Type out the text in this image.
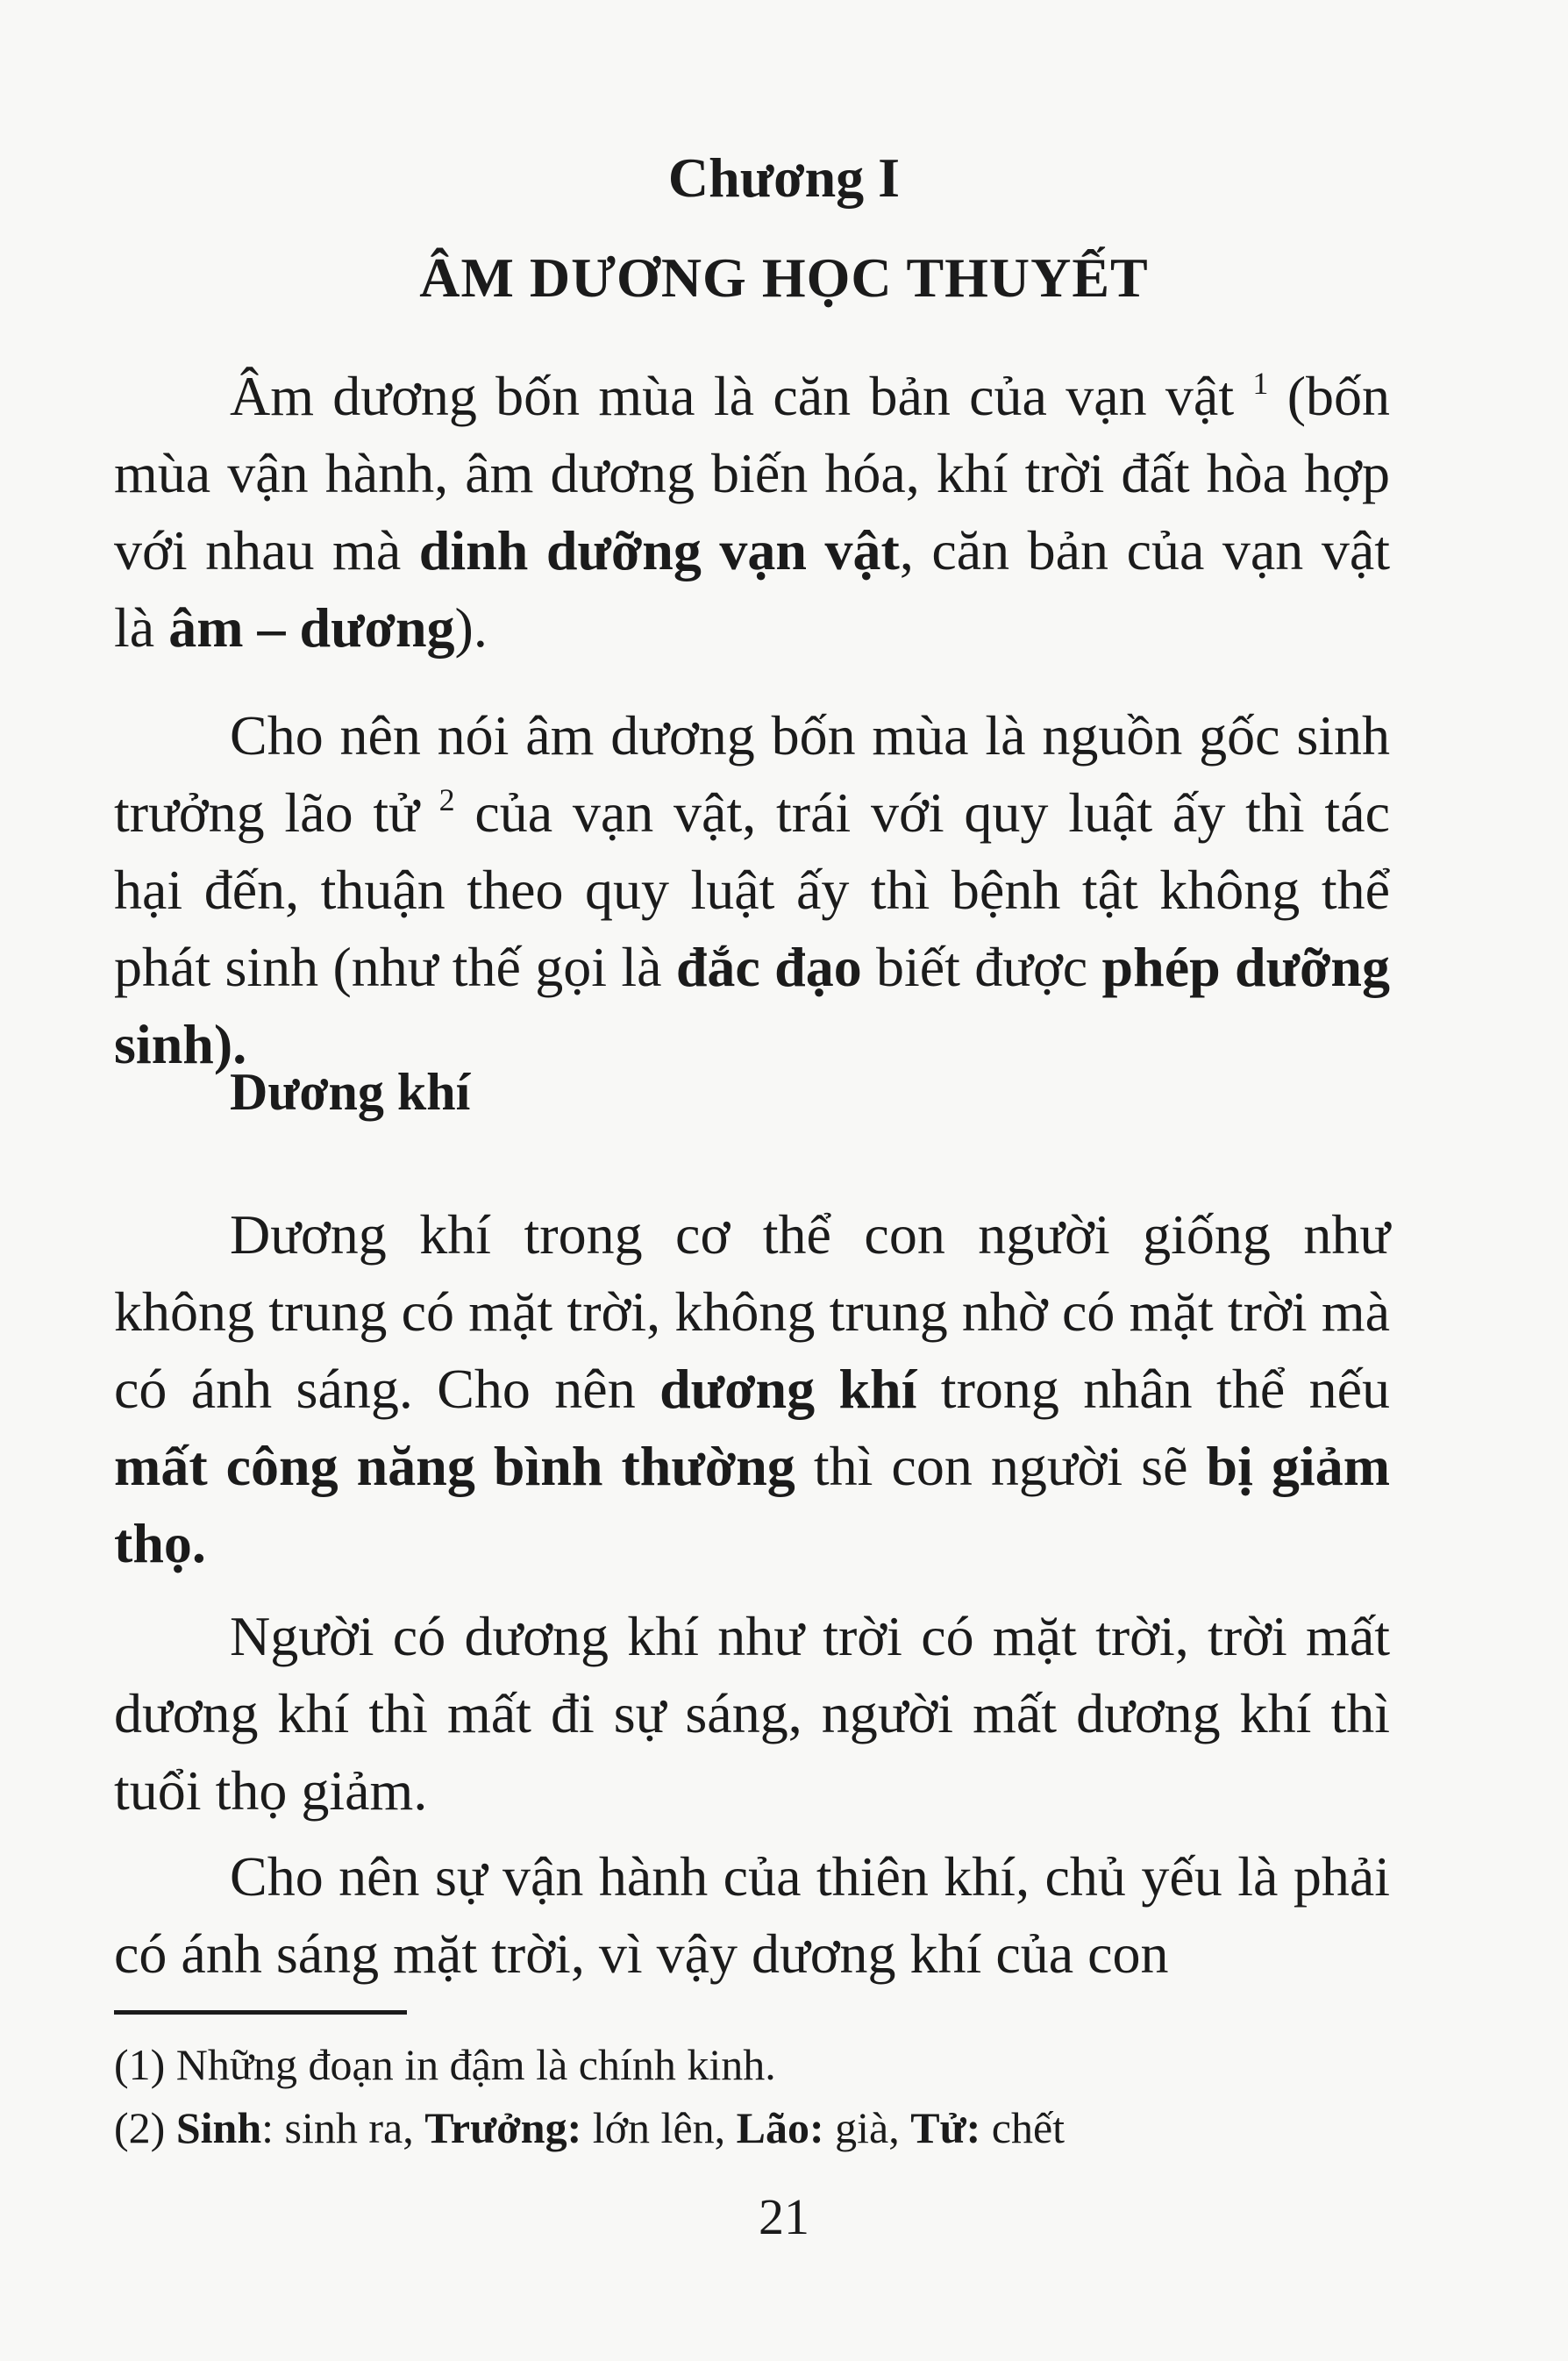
Chương I
ÂM DƯƠNG HỌC THUYẾT

Âm dương bốn mùa là căn bản của vạn vật $^1$ (bốn mùa vận hành, âm dương biến hóa, khí trời đất hòa hợp với nhau mà dinh dưỡng vạn vật, căn bản của vạn vật là âm – dương).

Cho nên nói âm dương bốn mùa là nguồn gốc sinh trưởng lão tử $^2$ của vạn vật, trái với quy luật ấy thì tác hại đến, thuận theo quy luật ấy thì bệnh tật không thể phát sinh (như thế gọi là đắc đạo biết được phép dưỡng sinh).

Dương khí

Dương khí trong cơ thể con người giống như không trung có mặt trời, không trung nhờ có mặt trời mà có ánh sáng. Cho nên dương khí trong nhân thể nếu mất công năng bình thường thì con người sẽ bị giảm thọ.

Người có dương khí như trời có mặt trời, trời mất dương khí thì mất đi sự sáng, người mất dương khí thì tuổi thọ giảm.

Cho nên sự vận hành của thiên khí, chủ yếu là phải có ánh sáng mặt trời, vì vậy dương khí của con

(1) Những đoạn in đậm là chính kinh.

(2) Sinh: sinh ra, Trưởng: lớn lên, Lão: già, Tử: chết

21
